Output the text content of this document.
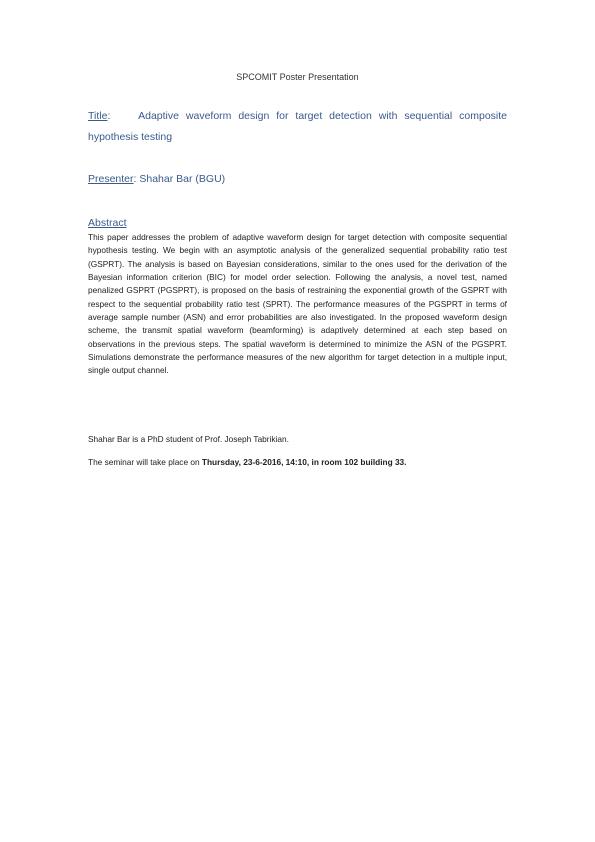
SPCOMIT Poster Presentation
Title:	Adaptive waveform design for target detection with sequential composite hypothesis testing
Presenter: Shahar Bar (BGU)
Abstract
This paper addresses the problem of adaptive waveform design for target detection with composite sequential hypothesis testing. We begin with an asymptotic analysis of the generalized sequential probability ratio test (GSPRT). The analysis is based on Bayesian considerations, similar to the ones used for the derivation of the Bayesian information criterion (BIC) for model order selection. Following the analysis, a novel test, named penalized GSPRT (PGSPRT), is proposed on the basis of restraining the exponential growth of the GSPRT with respect to the sequential probability ratio test (SPRT). The performance measures of the PGSPRT in terms of average sample number (ASN) and error probabilities are also investigated. In the proposed waveform design scheme, the transmit spatial waveform (beamforming) is adaptively determined at each step based on observations in the previous steps. The spatial waveform is determined to minimize the ASN of the PGSPRT. Simulations demonstrate the performance measures of the new algorithm for target detection in a multiple input, single output channel.
Shahar Bar is a PhD student of Prof. Joseph Tabrikian.
The seminar will take place on Thursday, 23-6-2016, 14:10, in room 102 building 33.
